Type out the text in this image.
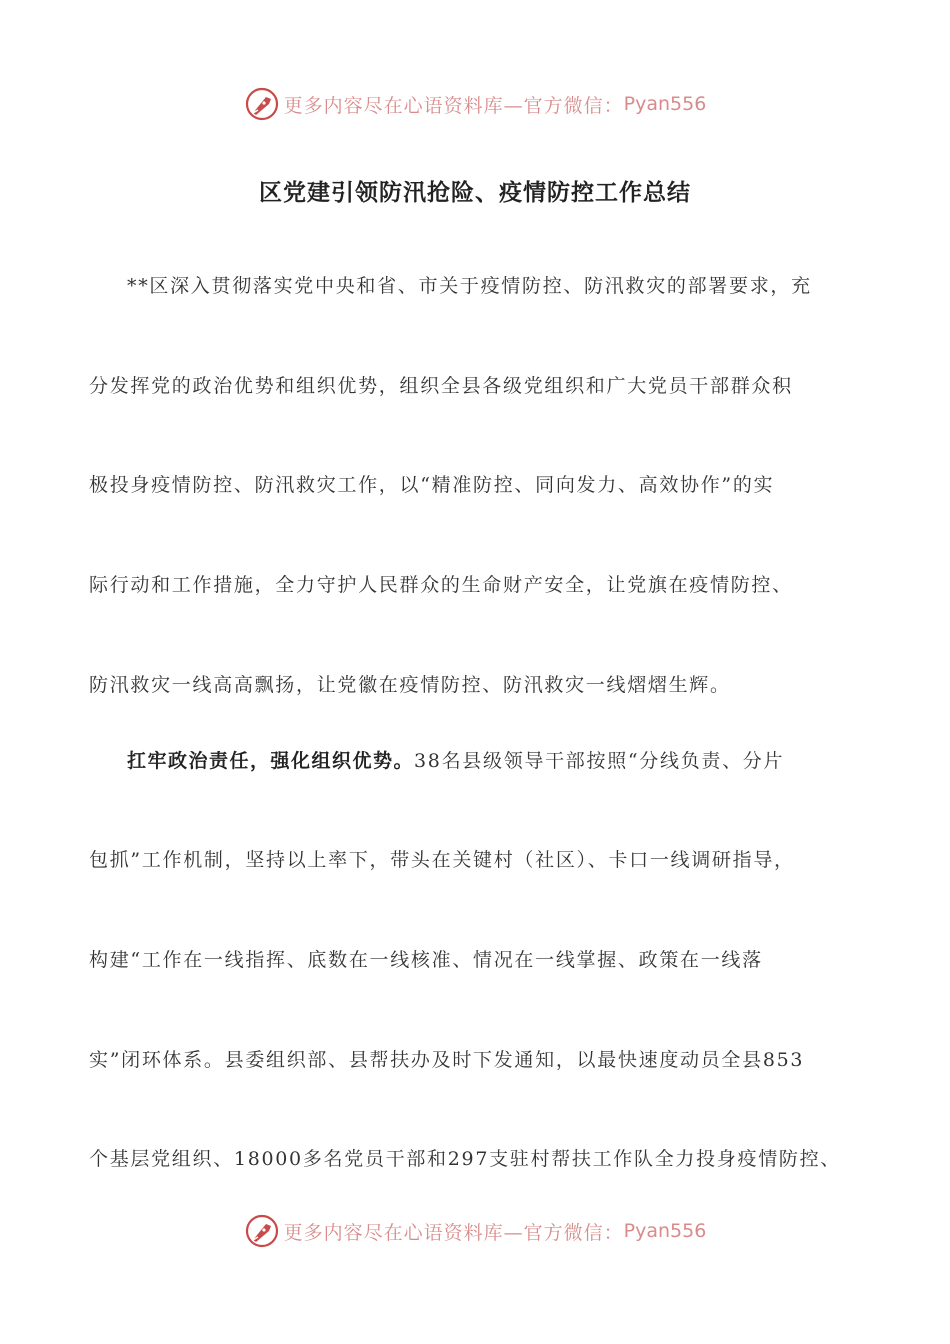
更多内容尽在心语资料库—官方微信： Pyan556
区党建引领防汛抢险、疫情防控工作总结
**区深入贯彻落实党中央和省、市关于疫情防控、防汛救灾的部署要求，充
分发挥党的政治优势和组织优势，组织全县各级党组织和广大党员干部群众积
极投身疫情防控、防汛救灾工作，以“精准防控、同向发力、高效协作”的实
际行动和工作措施，全力守护人民群众的生命财产安全，让党旗在疫情防控、
防汛救灾一线高高飘扬，让党徽在疫情防控、防汛救灾一线熠熠生辉。
扛牢政治责任，强化组织优势。38名县级领导干部按照“分线负责、分片
包抓”工作机制，坚持以上率下，带头在关键村（社区）、卡口一线调研指导，
构建“工作在一线指挥、底数在一线核准、情况在一线掌握、政策在一线落
实”闭环体系。县委组织部、县帮扶办及时下发通知，以最快速度动员全县853
个基层党组织、18000多名党员干部和297支驻村帮扶工作队全力投身疫情防控、
更多内容尽在心语资料库—官方微信： Pyan556
